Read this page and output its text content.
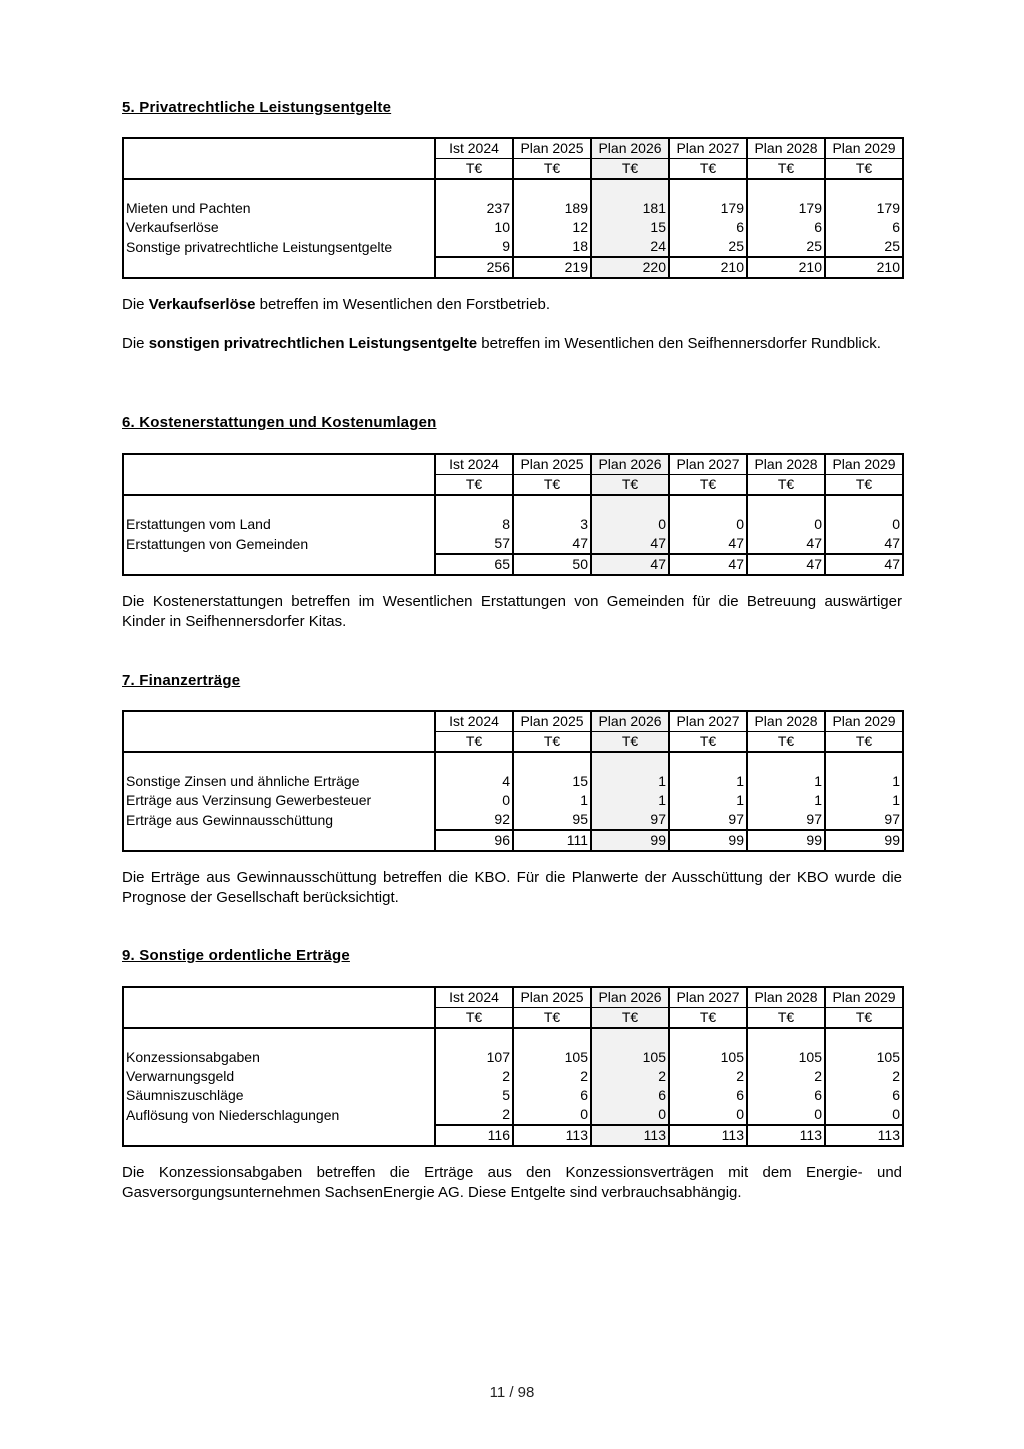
5. Privatrechtliche Leistungsentgelte
	Ist 2024	Plan 2025	Plan 2026	Plan 2027	Plan 2028	Plan 2029
	T€	T€	T€	T€	T€	T€

Mieten und Pachten	237	189	181	179	179	179
Verkaufserlöse	10	12	15	6	6	6
Sonstige privatrechtliche Leistungsentgelte	9	18	24	25	25	25
	256	219	220	210	210	210

Die Verkaufserlöse betreffen im Wesentlichen den Forstbetrieb.

Die sonstigen privatrechtlichen Leistungsentgelte betreffen im Wesentlichen den Seifhennersdorfer Rundblick.

6. Kostenerstattungen und Kostenumlagen
	Ist 2024	Plan 2025	Plan 2026	Plan 2027	Plan 2028	Plan 2029
	T€	T€	T€	T€	T€	T€

Erstattungen vom Land	8	3	0	0	0	0
Erstattungen von Gemeinden	57	47	47	47	47	47
	65	50	47	47	47	47

Die Kostenerstattungen betreffen im Wesentlichen Erstattungen von Gemeinden für die Betreuung auswärtiger Kinder in Seifhennersdorfer Kitas.

7. Finanzerträge
	Ist 2024	Plan 2025	Plan 2026	Plan 2027	Plan 2028	Plan 2029
	T€	T€	T€	T€	T€	T€

Sonstige Zinsen und ähnliche Erträge	4	15	1	1	1	1
Erträge aus Verzinsung Gewerbesteuer	0	1	1	1	1	1
Erträge aus Gewinnausschüttung	92	95	97	97	97	97
	96	111	99	99	99	99

Die Erträge aus Gewinnausschüttung betreffen die KBO. Für die Planwerte der Ausschüttung der KBO wurde die Prognose der Gesellschaft berücksichtigt.

9. Sonstige ordentliche Erträge
	Ist 2024	Plan 2025	Plan 2026	Plan 2027	Plan 2028	Plan 2029
	T€	T€	T€	T€	T€	T€

Konzessionsabgaben	107	105	105	105	105	105
Verwarnungsgeld	2	2	2	2	2	2
Säumniszuschläge	5	6	6	6	6	6
Auflösung von Niederschlagungen	2	0	0	0	0	0
	116	113	113	113	113	113

Die Konzessionsabgaben betreffen die Erträge aus den Konzessionsverträgen mit dem Energie- und Gasversorgungsunternehmen SachsenEnergie AG. Diese Entgelte sind verbrauchsabhängig.

11 / 98
